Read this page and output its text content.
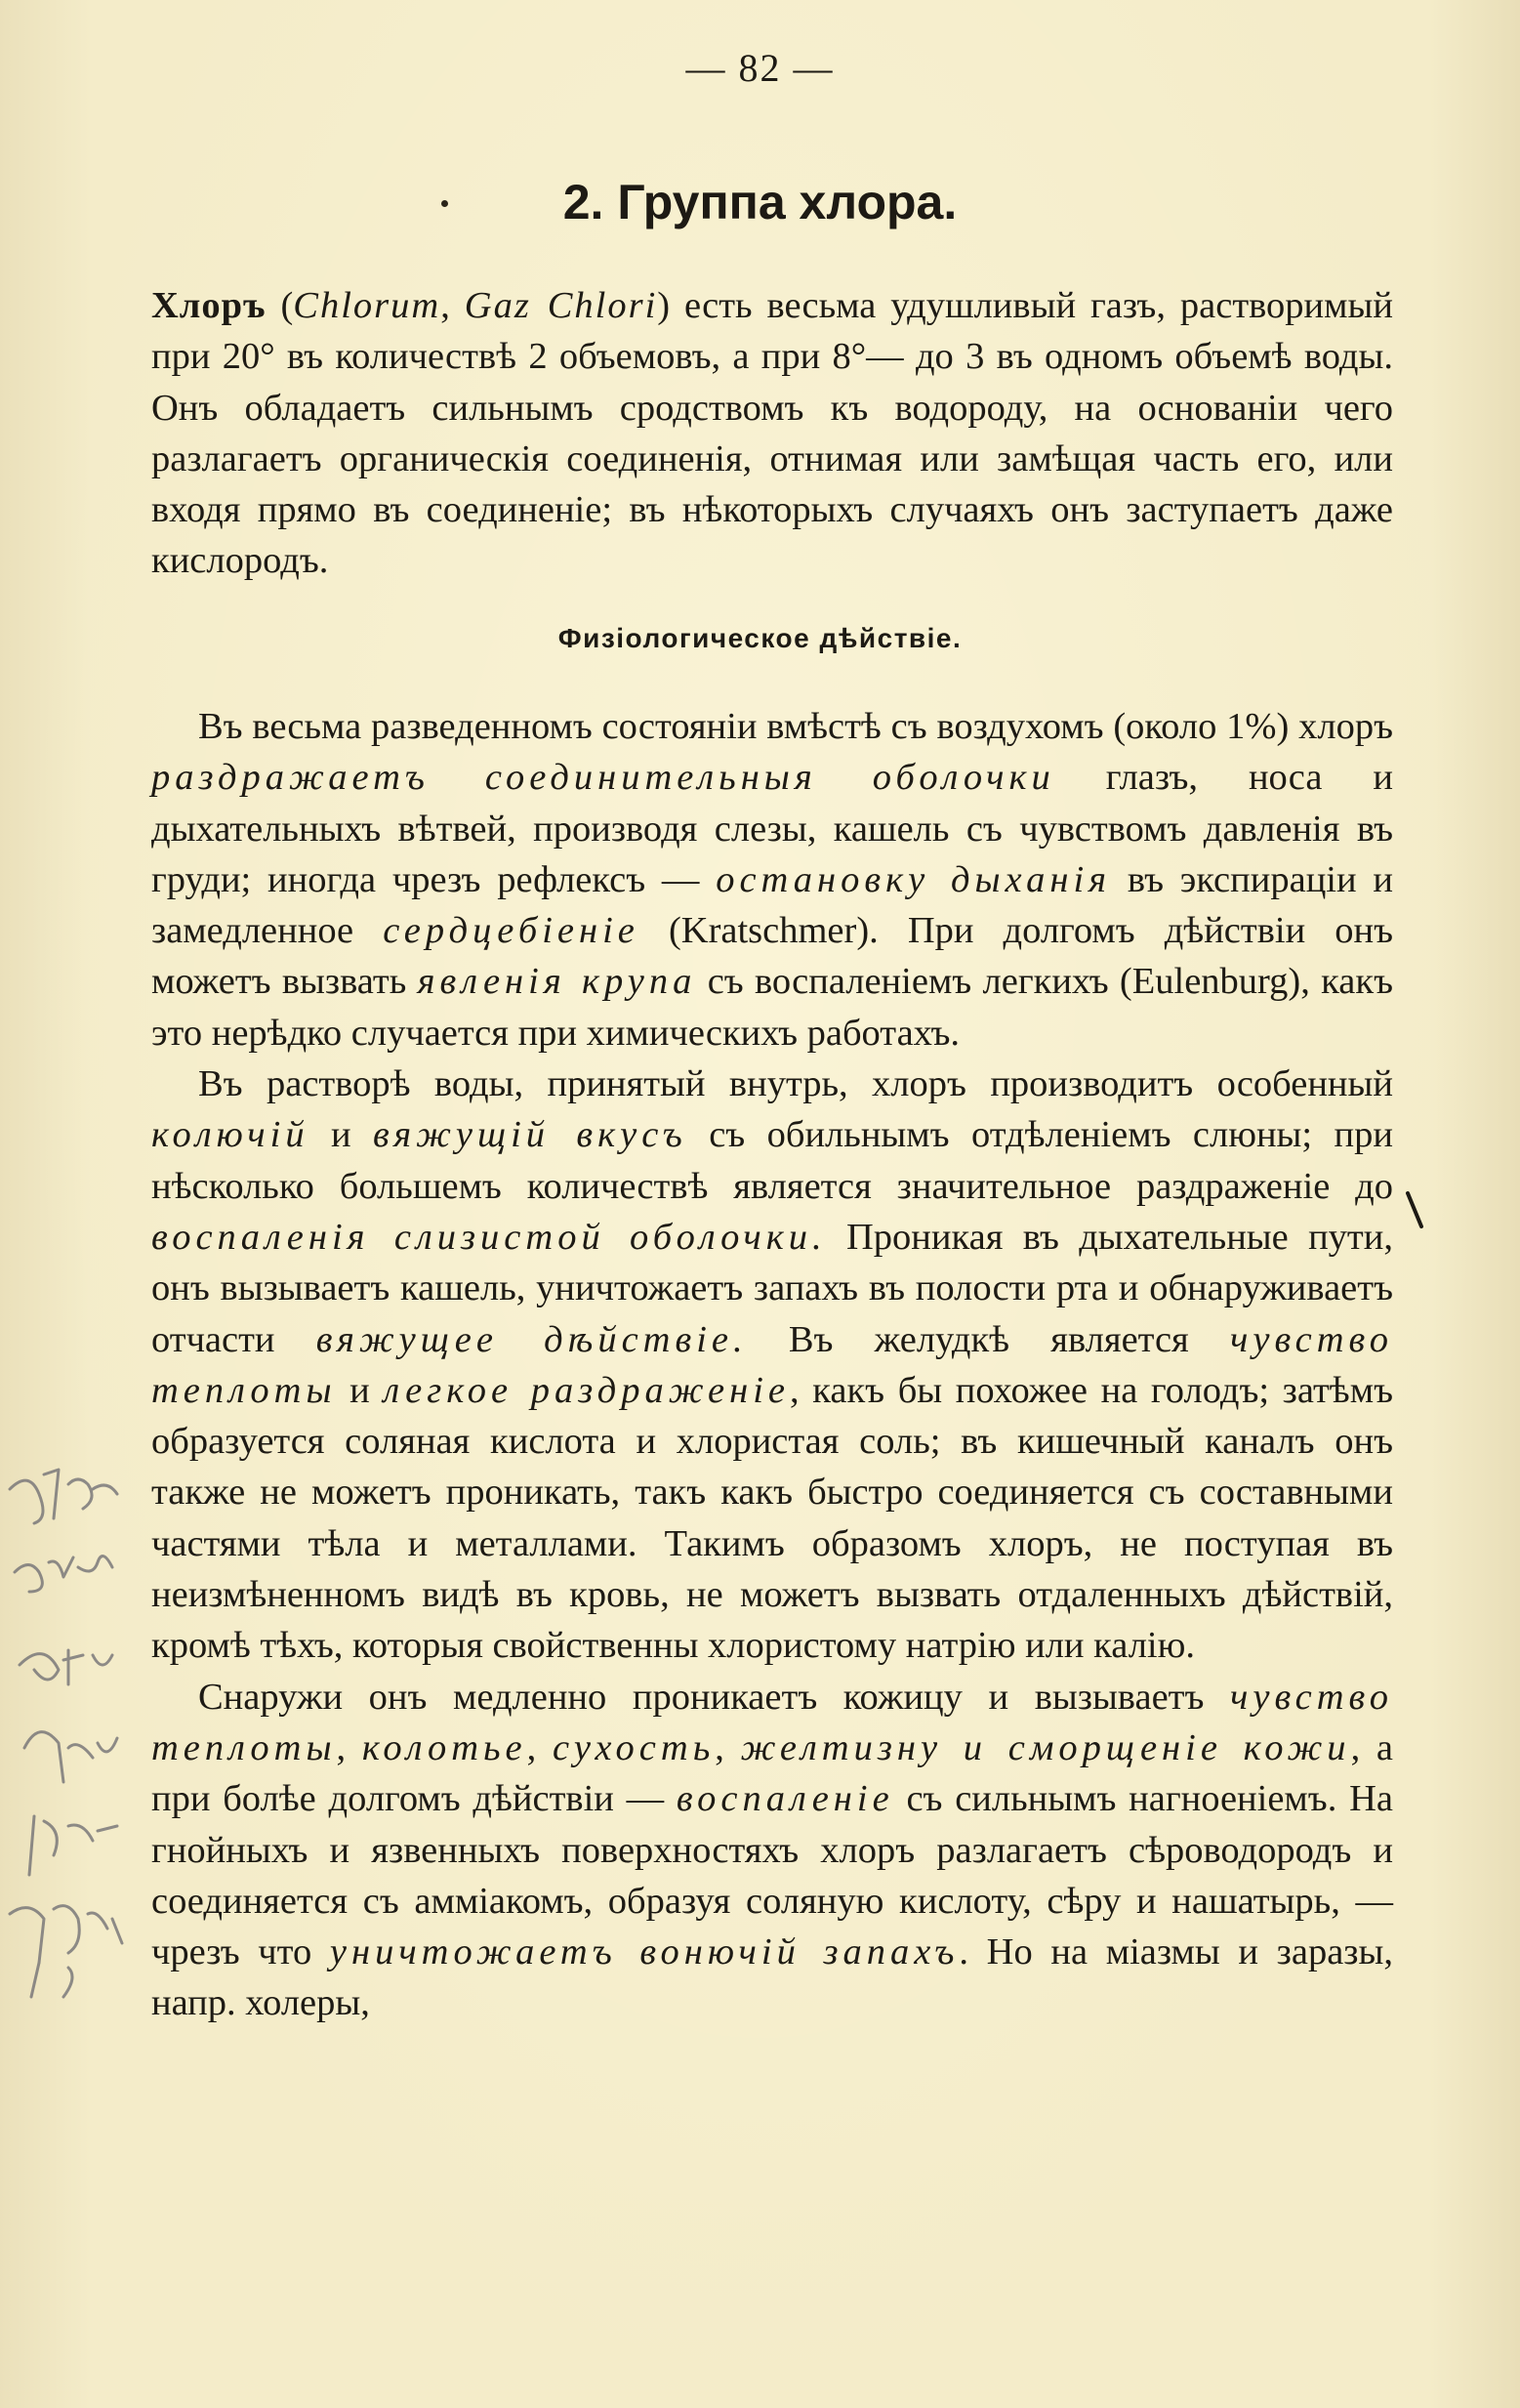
— 82 —
2. Группа хлора.

Хлоръ (Chlorum, Gaz Chlori) есть весьма удушливый газъ, растворимый при 20° въ количествѣ 2 объемовъ, а при 8°— до 3 въ одномъ объемѣ воды. Онъ обладаетъ сильнымъ сродствомъ къ водороду, на основаніи чего разлагаетъ органическія соединенія, отнимая или замѣщая часть его, или входя прямо въ соединеніе; въ нѣкоторыхъ случаяхъ онъ заступаетъ даже кислородъ.

Физіологическое дѣйствіе.

Въ весьма разведенномъ состояніи вмѣстѣ съ воздухомъ (около 1%) хлоръ раздражаетъ соединительныя оболочки глазъ, носа и дыхательныхъ вѣтвей, производя слезы, кашель съ чувствомъ давленія въ груди; иногда чрезъ рефлексъ — остановку дыханія въ экспираціи и замедленное сердцебіеніе (Kratschmer). При долгомъ дѣйствіи онъ можетъ вызвать явленія крупа съ воспаленіемъ легкихъ (Eulenburg), какъ это нерѣдко случается при химическихъ работахъ.

Въ растворѣ воды, принятый внутрь, хлоръ производитъ особенный колючій и вяжущій вкусъ съ обильнымъ отдѣленіемъ слюны; при нѣсколько большемъ количествѣ является значительное раздраженіе до воспаленія слизистой оболочки. Проникая въ дыхательные пути, онъ вызываетъ кашель, уничтожаетъ запахъ въ полости рта и обнаруживаетъ отчасти вяжущее дѣйствіе. Въ желудкѣ является чувство теплоты и легкое раздраженіе, какъ бы похожее на голодъ; затѣмъ образуется соляная кислота и хлористая соль; въ кишечный каналъ онъ также не можетъ проникать, такъ какъ быстро соединяется съ составными частями тѣла и металлами. Такимъ образомъ хлоръ, не поступая въ неизмѣненномъ видѣ въ кровь, не можетъ вызвать отдаленныхъ дѣйствій, кромѣ тѣхъ, которыя свойственны хлористому натрію или калію.

Снаружи онъ медленно проникаетъ кожицу и вызываетъ чувство теплоты, колотье, сухость, желтизну и сморщеніе кожи, а при болѣе долгомъ дѣйствіи — воспаленіе съ сильнымъ нагноеніемъ. На гнойныхъ и язвенныхъ поверхностяхъ хлоръ разлагаетъ сѣроводородъ и соединяется съ амміакомъ, образуя соляную кислоту, сѣру и нашатырь, — чрезъ что уничтожаетъ вонючій запахъ. Но на міазмы и заразы, напр. холеры,
